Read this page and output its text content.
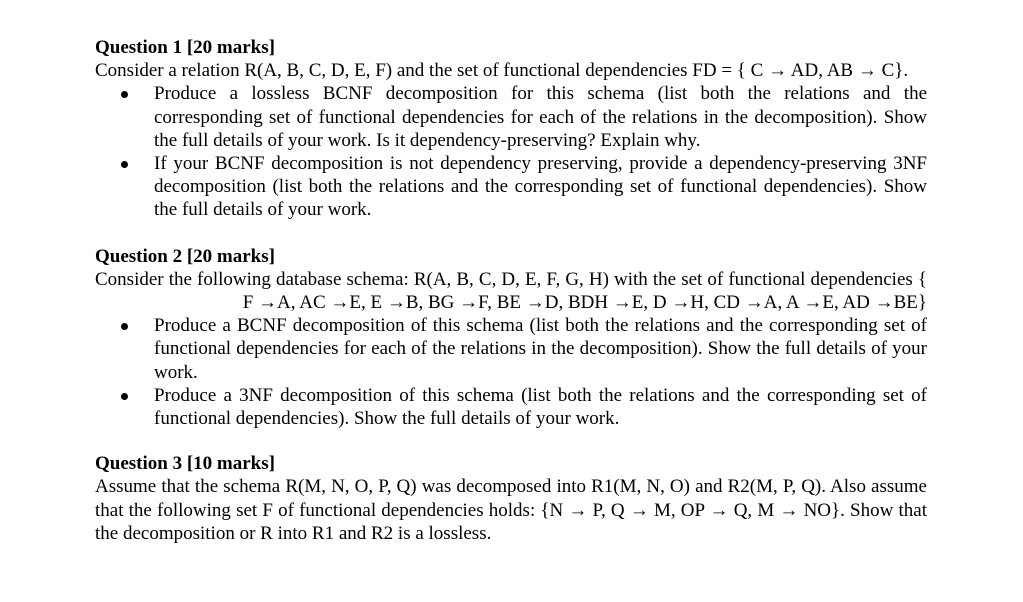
Question 1 [20 marks]

Consider a relation R(A, B, C, D, E, F) and the set of functional dependencies FD = { C → AD, AB → C}.

Produce a lossless BCNF decomposition for this schema (list both the relations and the corresponding set of functional dependencies for each of the relations in the decomposition). Show the full details of your work. Is it dependency-preserving? Explain why.
If your BCNF decomposition is not dependency preserving, provide a dependency-preserving 3NF decomposition (list both the relations and the corresponding set of functional dependencies). Show the full details of your work.

Question 2 [20 marks]

Consider the following database schema: R(A, B, C, D, E, F, G, H) with the set of functional dependencies { F →A, AC →E, E →B, BG →F, BE →D, BDH →E, D →H, CD →A, A →E, AD →BE}

Produce a BCNF decomposition of this schema (list both the relations and the corresponding set of functional dependencies for each of the relations in the decomposition). Show the full details of your work.
Produce a 3NF decomposition of this schema (list both the relations and the corresponding set of functional dependencies). Show the full details of your work.

Question 3 [10 marks]

Assume that the schema R(M, N, O, P, Q) was decomposed into R1(M, N, O) and R2(M, P, Q). Also assume that the following set F of functional dependencies holds: {N → P, Q → M, OP → Q, M → NO}. Show that the decomposition or R into R1 and R2 is a lossless.
